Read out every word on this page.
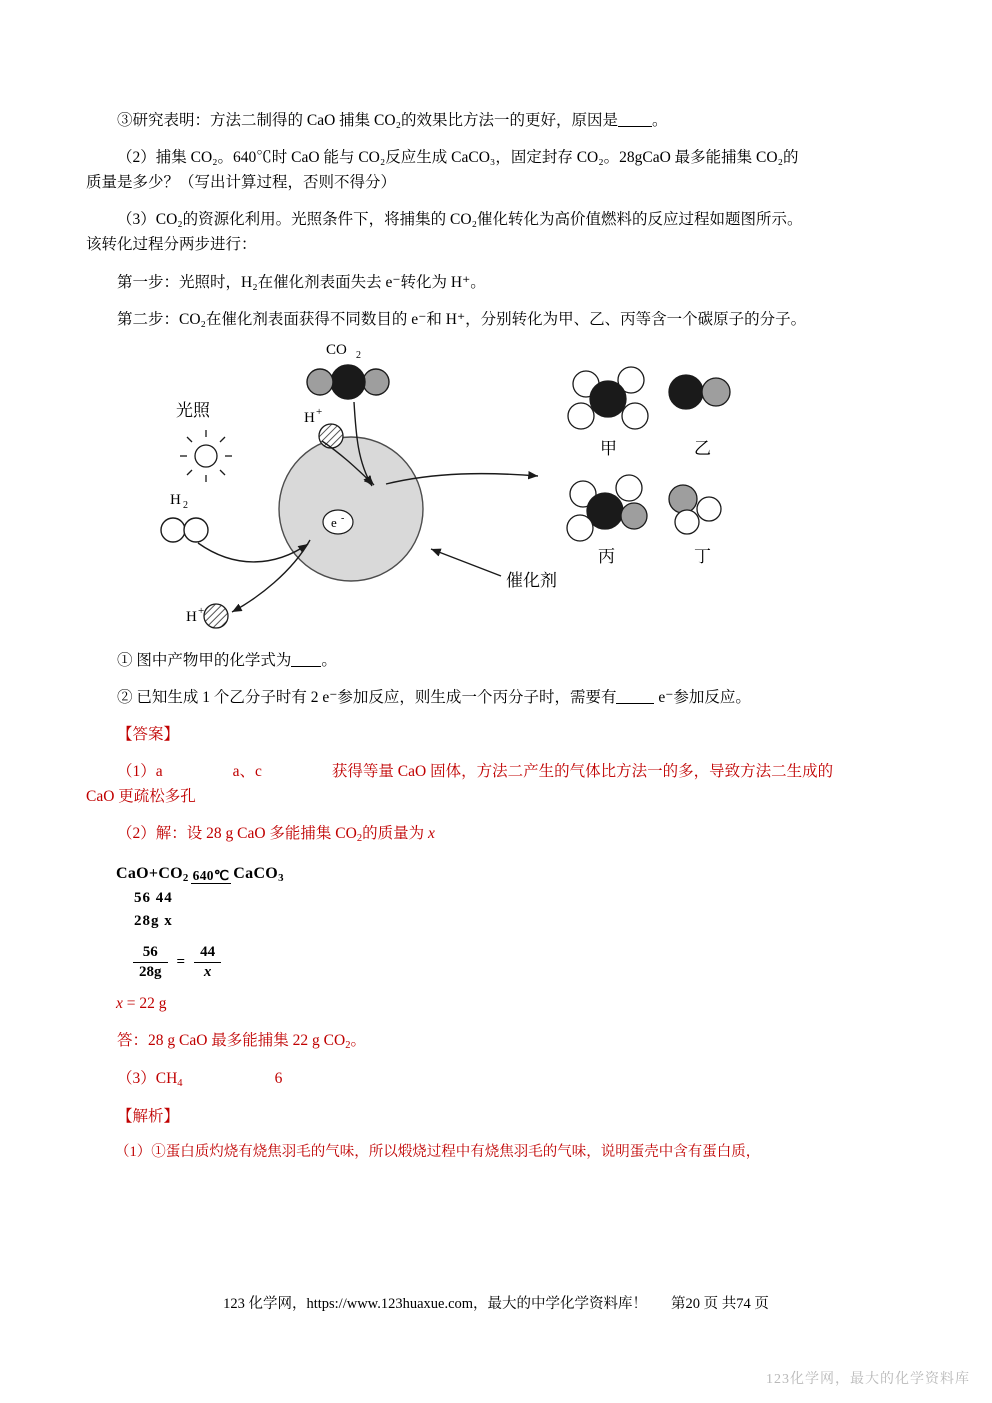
③研究表明：方法二制得的 CaO 捕集 CO₂的效果比方法一的更好，原因是 。

（2）捕集 CO₂。640℃时 CaO 能与 CO₂反应生成 CaCO₃，固定封存 CO₂。28gCaO 最多能捕集 CO₂的
质量是多少？（写出计算过程，否则不得分）

（3）CO₂的资源化利用。光照条件下，将捕集的 CO₂催化转化为高价值燃料的反应过程如题图所示。
该转化过程分两步进行：

第一步：光照时，H₂在催化剂表面失去 e⁻转化为 H⁺。

第二步：CO₂在催化剂表面获得不同数目的 e⁻和 H⁺，分别转化为甲、乙、丙等含一个碳原子的分子。

CO 2
光照
H 2
H +
H +
e -
催化剂
甲	乙
丙	丁

① 图中产物甲的化学式为 。

② 已知生成 1 个乙分子时有 2 e⁻参加反应，则生成一个丙分子时，需要有	e⁻参加反应。

【答案】

（1）a	a、c	获得等量 CaO 固体，方法二产生的气体比方法一的多，导致方法二生成的
CaO 更疏松多孔

（2）解：设 28 g CaO 多能捕集 $CO_2$的质量为 x

$CaO+CO_2$ 640℃ CaCO$_3$
56 44
28g x
$\frac{56}{28g} = \frac{44}{x}$

x = 22 g

答：28 g CaO 最多能捕集 22 g $CO_2$。

$(3)CH_4$	6

【解析】

（1）①蛋白质灼烧有烧焦羽毛的气味，所以煅烧过程中有烧焦羽毛的气味，说明蛋壳中含有蛋白质，

123 化学网，https://www.123huaxue.com，最大的中学化学资料库！ 第20 页 共74 页
123化学网，最大的化学资料库
